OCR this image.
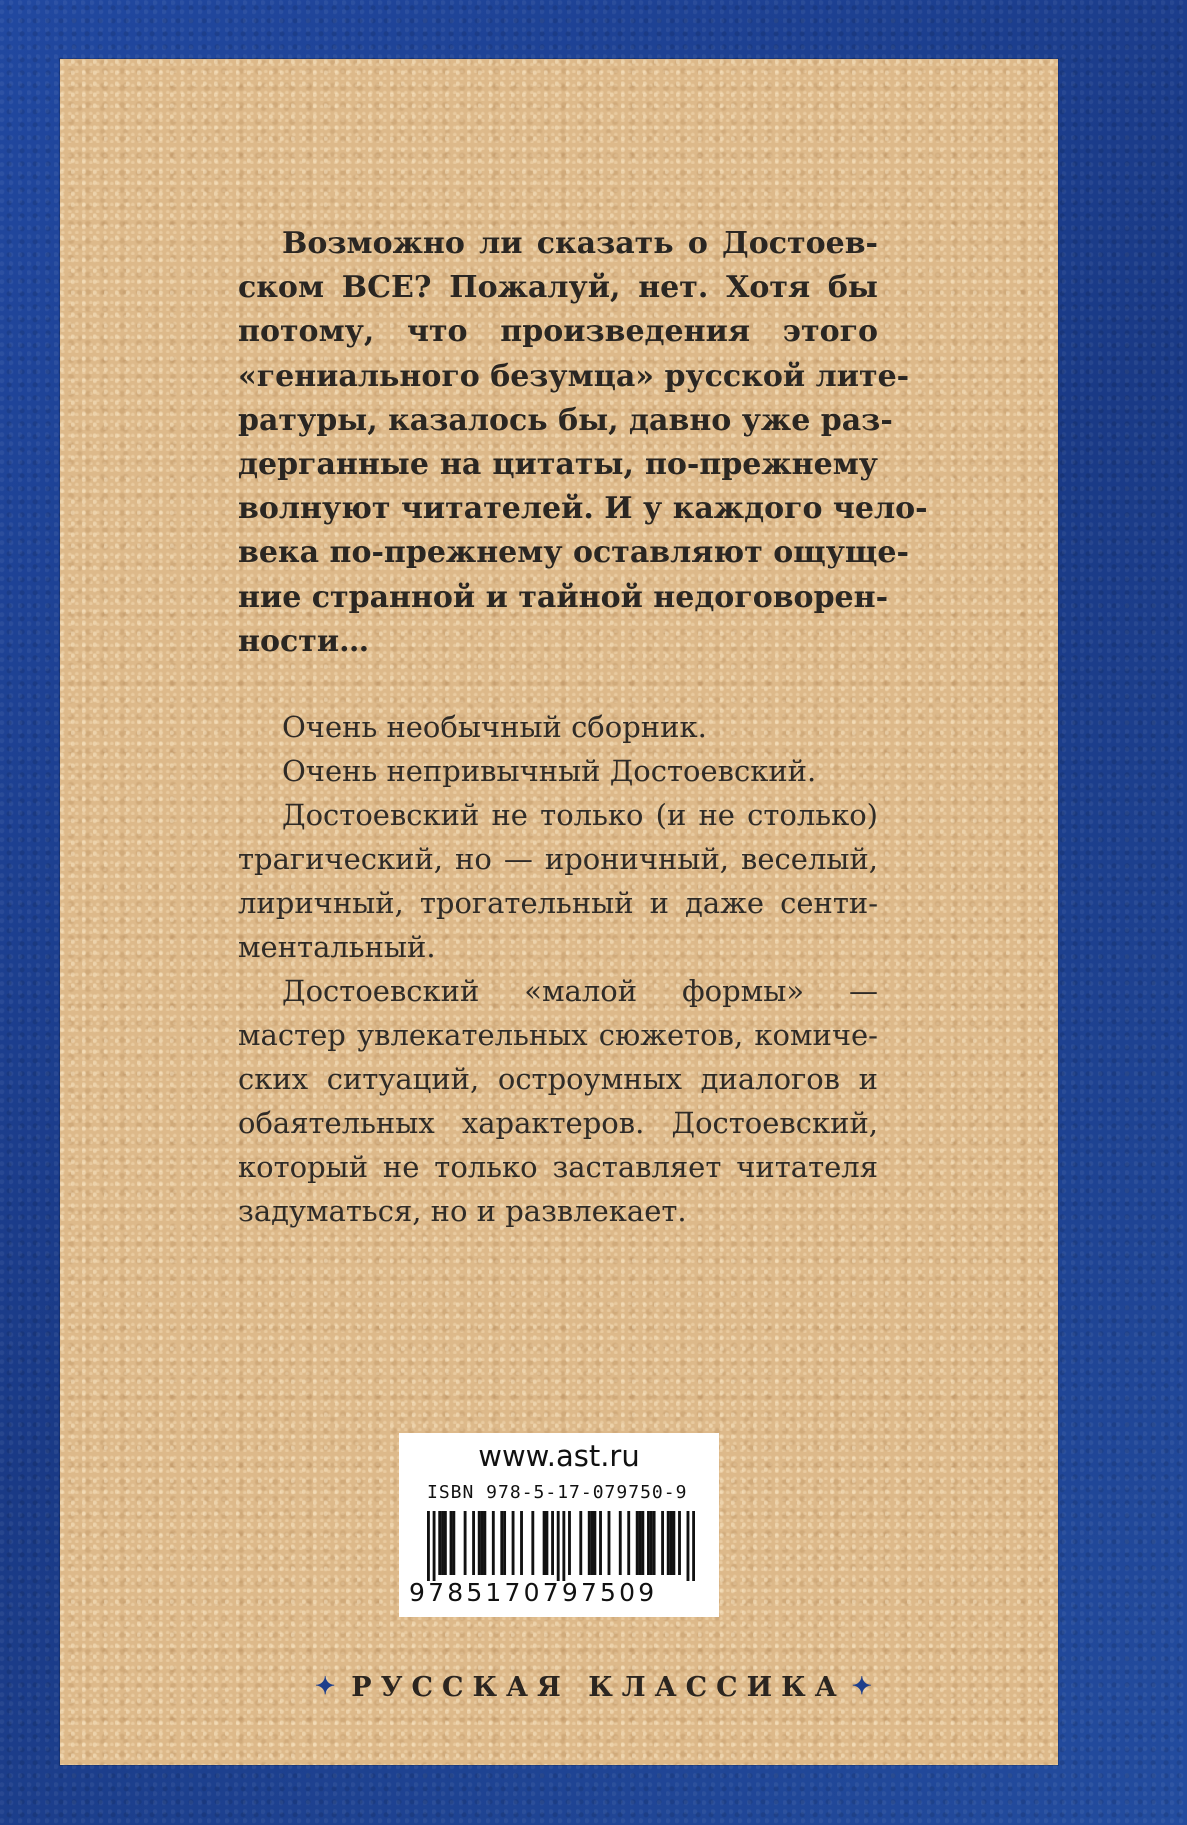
Возможно ли сказать о Достоев-
ском ВСЕ? Пожалуй, нет. Хотя бы
потому, что произведения этого
«гениального безумца» русской лите-
ратуры, казалось бы, давно уже раз-
дерганные на цитаты, по-прежнему
волнуют читателей. И у каждого чело-
века по-прежнему оставляют ощуще-
ние странной и тайной недоговорен-
ности…
Очень необычный сборник.
Очень непривычный Достоевский.
Достоевский не только (и не столько)
трагический, но — ироничный, веселый,
лиричный, трогательный и даже сенти-
ментальный.
Достоевский «малой формы» —
мастер увлекательных сюжетов, комиче-
ских ситуаций, остроумных диалогов и
обаятельных характеров. Достоевский,
который не только заставляет читателя
задуматься, но и развлекает.
www.ast.ru
ISBN 978-5-17-079750-9
9785170797509
✦ РУССКАЯ КЛАССИКА ✦
